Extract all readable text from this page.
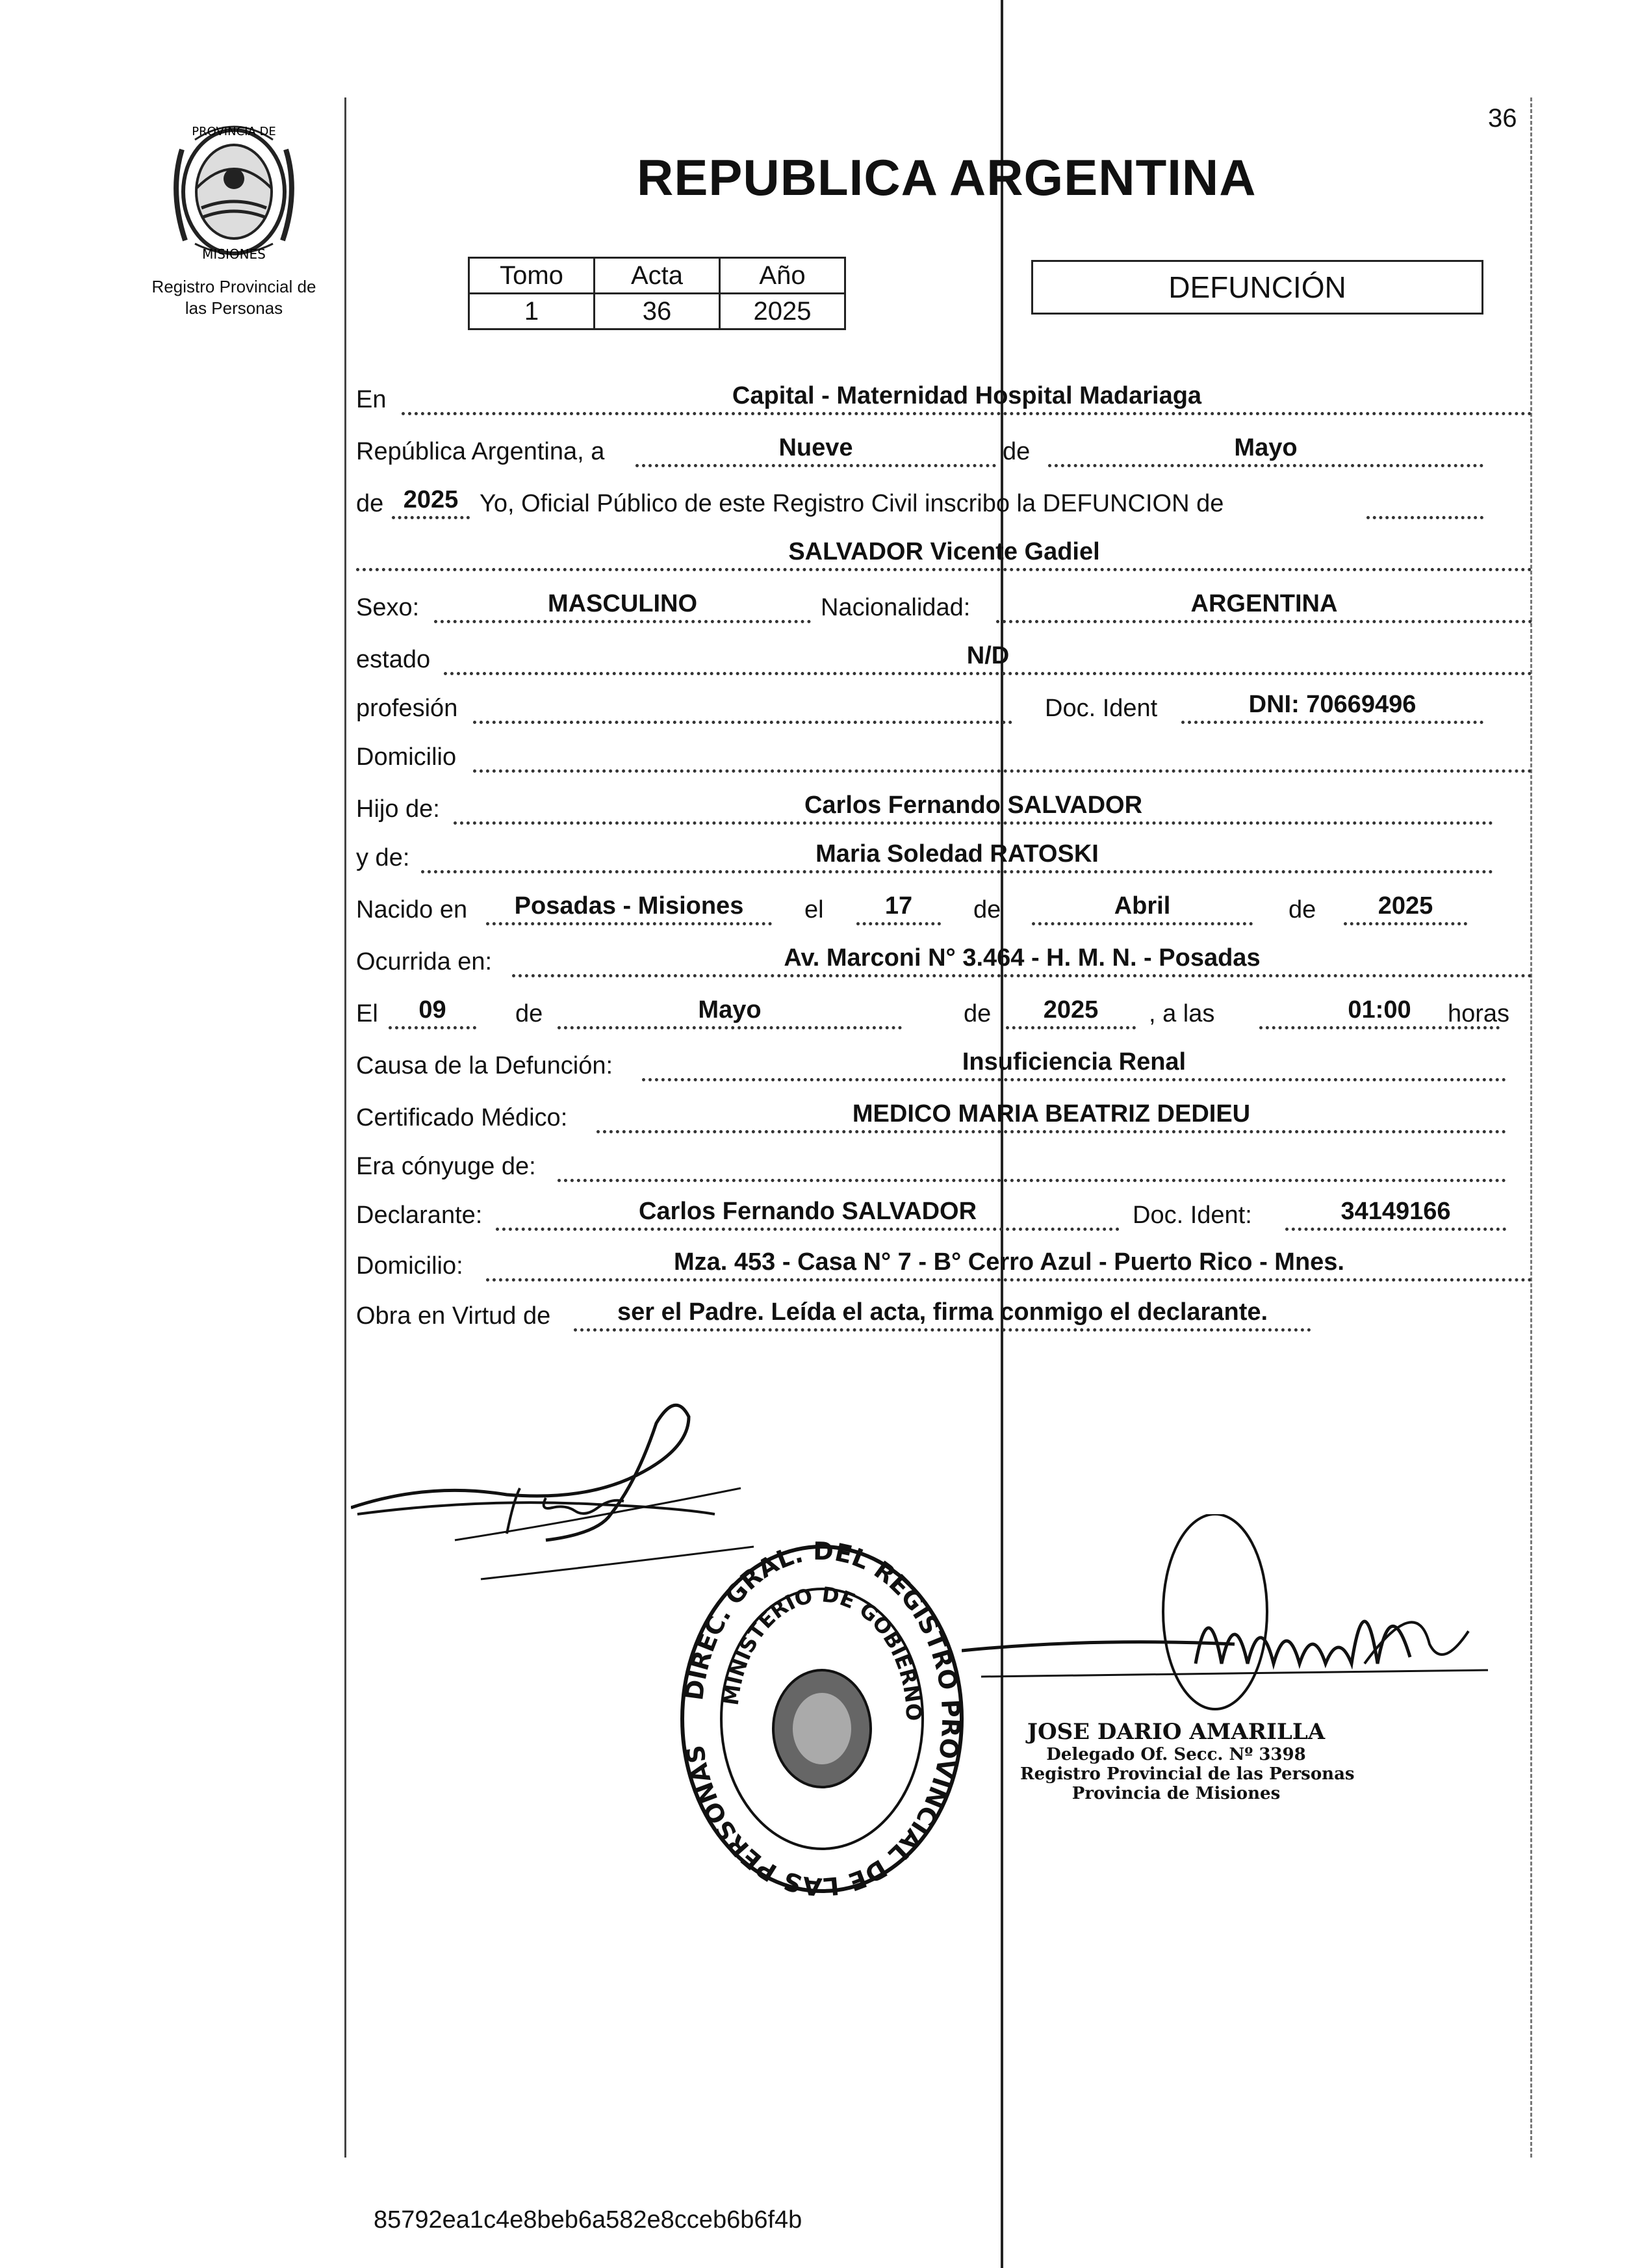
36
PROVINCIA DE
MISIONES
Registro Provincial de
las Personas
REPUBLICA ARGENTINA
Tomo	Acta	Año
1	36	2025
DEFUNCIÓN
En	Capital - Maternidad Hospital Madariaga
República Argentina, a	Nueve	de	Mayo
de 2025 Yo, Oficial Público de este Registro Civil inscribo la DEFUNCION de
SALVADOR Vicente Gadiel
Sexo:	MASCULINO	Nacionalidad:	ARGENTINA
estado	N/D
profesión	Doc. Ident	DNI: 70669496
Domicilio
Hijo de:	Carlos Fernando SALVADOR
y de:	Maria Soledad RATOSKI
Nacido en	Posadas - Misiones	el	17	de	Abril	de	2025
Ocurrida en:	Av. Marconi N° 3.464 - H. M. N. - Posadas
El	09	de	Mayo	de	2025	, a las	01:00	horas
Causa de la Defunción:	Insuficiencia Renal
Certificado Médico:	MEDICO MARIA BEATRIZ DEDIEU
Era cónyuge de:
Declarante:	Carlos Fernando SALVADOR	Doc. Ident:	34149166
Domicilio:	Mza. 453 - Casa N° 7 - B° Cerro Azul - Puerto Rico - Mnes.
Obra en Virtud de	ser el Padre. Leída el acta, firma conmigo el declarante.
DIREC. GRAL. DEL REGISTRO PROVINCIAL DE LAS PERSONAS
MINISTERIO DE GOBIERNO
JOSE DARIO AMARILLA
Delegado Of. Secc. Nº 3398
Registro Provincial de las Personas
Provincia de Misiones
85792ea1c4e8beb6a582e8cceb6b6f4b
